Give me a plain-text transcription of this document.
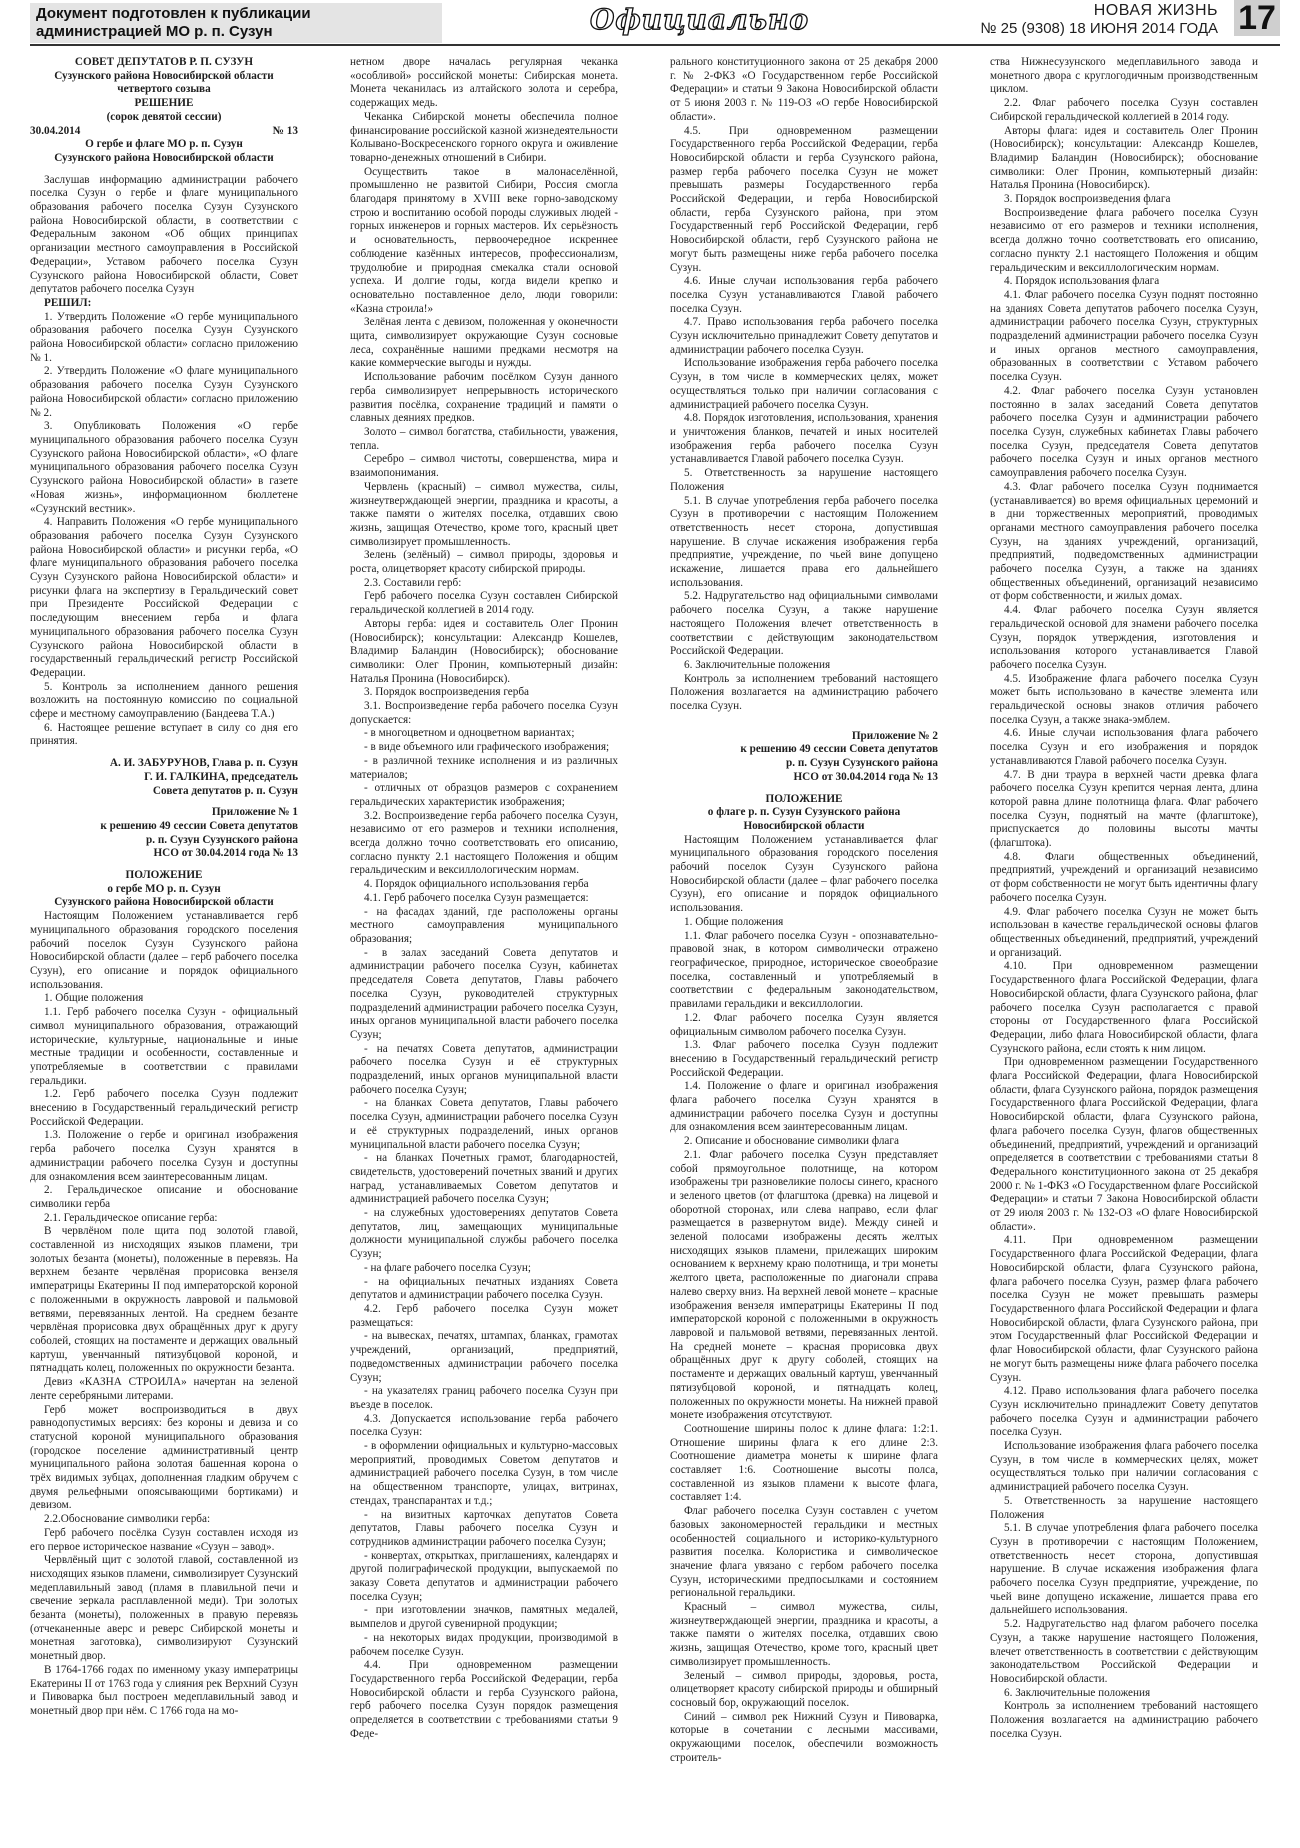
Документ подготовлен к публикации администрацией МО р. п. Сузун	Официально	НОВАЯ ЖИЗНЬ
№ 25 (9308) 18 ИЮНЯ 2014 ГОДА 17

СОВЕТ ДЕПУТАТОВ Р. П. СУЗУН

Сузунского района Новосибирской области

четвертого созыва

РЕШЕНИЕ

(сорок девятой сессии)

30.04.2014	№ 13

О гербе и флаге МО р. п. Сузун

Сузунского района Новосибирской области

Заслушав информацию администрации рабочего поселка Сузун о гербе и флаге муниципального образования рабочего поселка Сузун Сузунского района Новосибирской области, в соответствии с Федеральным законом «Об общих принципах организации местного самоуправления в Российской Федерации», Уставом рабочего поселка Сузун Сузунского района Новосибирской области, Совет депутатов рабочего поселка Сузун

РЕШИЛ:

1. Утвердить Положение «О гербе муниципального образования рабочего поселка Сузун Сузунского района Новосибирской области» согласно приложению № 1.

2. Утвердить Положение «О флаге муниципального образования рабочего поселка Сузун Сузунского района Новосибирской области» согласно приложению № 2.

3. Опубликовать Положения «О гербе муниципального образования рабочего поселка Сузун Сузунского района Новосибирской области», «О флаге муниципального образования рабочего поселка Сузун Сузунского района Новосибирской области» в газете «Новая жизнь», информационном бюллетене «Сузунский вестник».

4. Направить Положения «О гербе муниципального образования рабочего поселка Сузун Сузунского района Новосибирской области» и рисунки герба, «О флаге муниципального образования рабочего поселка Сузун Сузунского района Новосибирской области» и рисунки флага на экспертизу в Геральдический совет при Президенте Российской Федерации с последующим внесением герба и флага муниципального образования рабочего поселка Сузун Сузунского района Новосибирской области в государственный геральдический регистр Российской Федерации.

5. Контроль за исполнением данного решения возложить на постоянную комиссию по социальной сфере и местному самоуправлению (Бандеева Т.А.)

6. Настоящее решение вступает в силу со дня его принятия.

А. И. ЗАБУРУНОВ, Глава р. п. Сузун

Г. И. ГАЛКИНА, председатель

Совета депутатов р. п. Сузун

Приложение № 1

к решению 49 сессии Совета депутатов

р. п. Сузун Сузунского района

НСО от 30.04.2014 года № 13

ПОЛОЖЕНИЕ

о гербе МО р. п. Сузун

Сузунского района Новосибирской области

Настоящим Положением устанавливается герб муниципального образования городского поселения рабочий поселок Сузун Сузунского района Новосибирской области (далее – герб рабочего поселка Сузун), его описание и порядок официального использования.

1. Общие положения

1.1. Герб рабочего поселка Сузун - официальный символ муниципального образования, отражающий исторические, культурные, национальные и иные местные традиции и особенности, составленные и употребляемые в соответствии с правилами геральдики.

1.2. Герб рабочего поселка Сузун подлежит внесению в Государственный геральдический регистр Российской Федерации.

1.3. Положение о гербе и оригинал изображения герба рабочего поселка Сузун хранятся в администрации рабочего поселка Сузун и доступны для ознакомления всем заинтересованным лицам.

2. Геральдическое описание и обоснование символики герба

2.1. Геральдическое описание герба:

В червлёном поле щита под золотой главой, составленной из нисходящих языков пламени, три золотых безанта (монеты), положенные в перевязь. На верхнем безанте червлёная прорисовка вензеля императрицы Екатерины II под императорской короной с положенными в окружность лавровой и пальмовой ветвями, перевязанных лентой. На среднем безанте червлёная прорисовка двух обращённых друг к другу соболей, стоящих на постаменте и держащих овальный картуш, увенчанный пятизубцовой короной, и пятнадцать колец, положенных по окружности безанта.

Девиз «КАЗНА СТРОИЛА» начертан на зеленой ленте серебряными литерами.

Герб может воспроизводиться в двух равнодопустимых версиях: без короны и девиза и со статусной короной муниципального образования (городское поселение административный центр муниципального района золотая башенная корона о трёх видимых зубцах, дополненная гладким обручем с двумя рельефными опоясывающими бортиками) и девизом.

2.2.Обоснование символики герба:

Герб рабочего посёлка Сузун составлен исходя из его первое историческое название «Сузун – завод».

Червлёный щит с золотой главой, составленной из нисходящих языков пламени, символизирует Сузунский медеплавильный завод (пламя в плавильной печи и свечение зеркала расплавленной меди). Три золотых безанта (монеты), положенных в правую перевязь (отчеканенные аверс и реверс Сибирской монеты и монетная заготовка), символизируют Сузунский монетный двор.

В 1764-1766 годах по именному указу императрицы Екатерины II от 1763 года у слияния рек Верхний Сузун и Пивоварка был построен медеплавильный завод и монетный двор при нём. С 1766 года на мо-

нетном дворе началась регулярная чеканка «особливой» российской монеты: Сибирская монета. Монета чеканилась из алтайского золота и серебра, содержащих медь.

Чеканка Сибирской монеты обеспечила полное финансирование российской казной жизнедеятельности Колывано-Воскресенского горного округа и оживление товарно-денежных отношений в Сибири.

Осуществить такое в малонаселённой, промышленно не развитой Сибири, Россия смогла благодаря принятому в XVIII веке горно-заводскому строю и воспитанию особой породы служивых людей - горных инженеров и горных мастеров. Их серьёзность и основательность, первоочередное искреннее соблюдение казённых интересов, профессионализм, трудолюбие и природная смекалка стали основой успеха. И долгие годы, когда видели крепко и основательно поставленное дело, люди говорили: «Казна строила!»

Зелёная лента с девизом, положенная у оконечности щита, символизирует окружающие Сузун сосновые леса, сохранённые нашими предками несмотря на какие коммерческие выгоды и нужды.

Использование рабочим посёлком Сузун данного герба символизирует непрерывность исторического развития посёлка, сохранение традиций и памяти о славных деяниях предков.

Золото – символ богатства, стабильности, уважения, тепла.

Серебро – символ чистоты, совершенства, мира и взаимопонимания.

Червлень (красный) – символ мужества, силы, жизнеутверждающей энергии, праздника и красоты, а также памяти о жителях поселка, отдавших свою жизнь, защищая Отечество, кроме того, красный цвет символизирует промышленность.

Зелень (зелёный) – символ природы, здоровья и роста, олицетворяет красоту сибирской природы.

2.3. Составили герб:

Герб рабочего поселка Сузун составлен Сибирской геральдической коллегией в 2014 году.

Авторы герба: идея и составитель Олег Пронин (Новосибирск); консультации: Александр Кошелев, Владимир Баландин (Новосибирск); обоснование символики: Олег Пронин, компьютерный дизайн: Наталья Пронина (Новосибирск).

3. Порядок воспроизведения герба

3.1. Воспроизведение герба рабочего поселка Сузун допускается:

- в многоцветном и одноцветном вариантах;

- в виде объемного или графического изображения;

- в различной технике исполнения и из различных материалов;

- отличных от образцов размеров с сохранением геральдических характеристик изображения;

3.2. Воспроизведение герба рабочего поселка Сузун, независимо от его размеров и техники исполнения, всегда должно точно соответствовать его описанию, согласно пункту 2.1 настоящего Положения и общим геральдическим и вексиллологическим нормам.

4. Порядок официального использования герба

4.1. Герб рабочего поселка Сузун размещается:

- на фасадах зданий, где расположены органы местного самоуправления муниципального образования;

- в залах заседаний Совета депутатов и администрации рабочего поселка Сузун, кабинетах председателя Совета депутатов, Главы рабочего поселка Сузун, руководителей структурных подразделений администрации рабочего поселка Сузун, иных органов муниципальной власти рабочего поселка Сузун;

- на печатях Совета депутатов, администрации рабочего поселка Сузун и её структурных подразделений, иных органов муниципальной власти рабочего поселка Сузун;

- на бланках Совета депутатов, Главы рабочего поселка Сузун, администрации рабочего поселка Сузун и её структурных подразделений, иных органов муниципальной власти рабочего поселка Сузун;

- на бланках Почетных грамот, благодарностей, свидетельств, удостоверений почетных званий и других наград, устанавливаемых Советом депутатов и администрацией рабочего поселка Сузун;

- на служебных удостоверениях депутатов Совета депутатов, лиц, замещающих муниципальные должности муниципальной службы рабочего поселка Сузун;

- на флаге рабочего поселка Сузун;

- на официальных печатных изданиях Совета депутатов и администрации рабочего поселка Сузун.

4.2. Герб рабочего поселка Сузун может размещаться:

- на вывесках, печатях, штампах, бланках, грамотах учреждений, организаций, предприятий, подведомственных администрации рабочего поселка Сузун;

- на указателях границ рабочего поселка Сузун при въезде в поселок.

4.3. Допускается использование герба рабочего поселка Сузун:

- в оформлении официальных и культурно-массовых мероприятий, проводимых Советом депутатов и администрацией рабочего поселка Сузун, в том числе на общественном транспорте, улицах, витринах, стендах, транспарантах и т.д.;

- на визитных карточках депутатов Совета депутатов, Главы рабочего поселка Сузун и сотрудников администрации рабочего поселка Сузун;

- конвертах, открытках, приглашениях, календарях и другой полиграфической продукции, выпускаемой по заказу Совета депутатов и администрации рабочего поселка Сузун;

- при изготовлении значков, памятных медалей, вымпелов и другой сувенирной продукции;

- на некоторых видах продукции, производимой в рабочем поселке Сузун.

4.4. При одновременном размещении Государственного герба Российской Федерации, герба Новосибирской области и герба Сузунского района, герб рабочего поселка Сузун порядок размещения определяется в соответствии с требованиями статьи 9 Феде-

рального конституционного закона от 25 декабря 2000 г. № 2-ФКЗ «О Государственном гербе Российской Федерации» и статьи 9 Закона Новосибирской области от 5 июня 2003 г. № 119-ОЗ «О гербе Новосибирской области».

4.5. При одновременном размещении Государственного герба Российской Федерации, герба Новосибирской области и герба Сузунского района, размер герба рабочего поселка Сузун не может превышать размеры Государственного герба Российской Федерации, и герба Новосибирской области, герба Сузунского района, при этом Государственный герб Российской Федерации, герб Новосибирской области, герб Сузунского района не могут быть размещены ниже герба рабочего поселка Сузун.

4.6. Иные случаи использования герба рабочего поселка Сузун устанавливаются Главой рабочего поселка Сузун.

4.7. Право использования герба рабочего поселка Сузун исключительно принадлежит Совету депутатов и администрации рабочего поселка Сузун.

Использование изображения герба рабочего поселка Сузун, в том числе в коммерческих целях, может осуществляться только при наличии согласования с администрацией рабочего поселка Сузун.

4.8. Порядок изготовления, использования, хранения и уничтожения бланков, печатей и иных носителей изображения герба рабочего поселка Сузун устанавливается Главой рабочего поселка Сузун.

5. Ответственность за нарушение настоящего Положения

5.1. В случае употребления герба рабочего поселка Сузун в противоречии с настоящим Положением ответственность несет сторона, допустившая нарушение. В случае искажения изображения герба предприятие, учреждение, по чьей вине допущено искажение, лишается права его дальнейшего использования.

5.2. Надругательство над официальными символами рабочего поселка Сузун, а также нарушение настоящего Положения влечет ответственность в соответствии с действующим законодательством Российской Федерации.

6. Заключительные положения

Контроль за исполнением требований настоящего Положения возлагается на администрацию рабочего поселка Сузун.

Приложение № 2

к решению 49 сессии Совета депутатов

р. п. Сузун Сузунского района

НСО от 30.04.2014 года № 13

ПОЛОЖЕНИЕ

о флаге р. п. Сузун Сузунского района

Новосибирской области

Настоящим Положением устанавливается флаг муниципального образования городского поселения рабочий поселок Сузун Сузунского района Новосибирской области (далее – флаг рабочего поселка Сузун), его описание и порядок официального использования.

1. Общие положения

1.1. Флаг рабочего поселка Сузун - опознавательно-правовой знак, в котором символически отражено географическое, природное, историческое своеобразие поселка, составленный и употребляемый в соответствии с федеральным законодательством, правилами геральдики и вексиллологии.

1.2. Флаг рабочего поселка Сузун является официальным символом рабочего поселка Сузун.

1.3. Флаг рабочего поселка Сузун подлежит внесению в Государственный геральдический регистр Российской Федерации.

1.4. Положение о флаге и оригинал изображения флага рабочего поселка Сузун хранятся в администрации рабочего поселка Сузун и доступны для ознакомления всем заинтересованным лицам.

2. Описание и обоснование символики флага

2.1. Флаг рабочего поселка Сузун представляет собой прямоугольное полотнище, на котором изображены три разновеликие полосы синего, красного и зеленого цветов (от флагштока (древка) на лицевой и оборотной сторонах, или слева направо, если флаг размещается в развернутом виде). Между синей и зеленой полосами изображены десять желтых нисходящих языков пламени, прилежащих широким основанием к верхнему краю полотнища, и три монеты желтого цвета, расположенные по диагонали справа налево сверху вниз. На верхней левой монете – красные изображения вензеля императрицы Екатерины II под императорской короной с положенными в окружность лавровой и пальмовой ветвями, перевязанных лентой. На средней монете – красная прорисовка двух обращённых друг к другу соболей, стоящих на постаменте и держащих овальный картуш, увенчанный пятизубцовой короной, и пятнадцать колец, положенных по окружности монеты. На нижней правой монете изображения отсутствуют.

Соотношение ширины полос к длине флага: 1:2:1. Отношение ширины флага к его длине 2:3. Соотношение диаметра монеты к ширине флага составляет 1:6. Соотношение высоты полса, составленной из языков пламени к высоте флага, составляет 1:4.

Флаг рабочего поселка Сузун составлен с учетом базовых закономерностей геральдики и местных особенностей социального и историко-культурного развития поселка. Колористика и символическое значение флага увязано с гербом рабочего поселка Сузун, историческими предпосылками и состоянием региональной геральдики.

Красный – символ мужества, силы, жизнеутверждающей энергии, праздника и красоты, а также памяти о жителях поселка, отдавших свою жизнь, защищая Отечество, кроме того, красный цвет символизирует промышленность.

Зеленый – символ природы, здоровья, роста, олицетворяет красоту сибирской природы и обширный сосновый бор, окружающий поселок.

Синий – символ рек Нижний Сузун и Пивоварка, которые в сочетании с лесными массивами, окружающими поселок, обеспечили возможность строитель-

ства Нижнесузунского медеплавильного завода и монетного двора с круглогодичным производственным циклом.

2.2. Флаг рабочего поселка Сузун составлен Сибирской геральдической коллегией в 2014 году.

Авторы флага: идея и составитель Олег Пронин (Новосибирск); консультации: Александр Кошелев, Владимир Баландин (Новосибирск); обоснование символики: Олег Пронин, компьютерный дизайн: Наталья Пронина (Новосибирск).

3. Порядок воспроизведения флага

Воспроизведение флага рабочего поселка Сузун независимо от его размеров и техники исполнения, всегда должно точно соответствовать его описанию, согласно пункту 2.1 настоящего Положения и общим геральдическим и вексиллологическим нормам.

4. Порядок использования флага

4.1. Флаг рабочего поселка Сузун поднят постоянно на зданиях Совета депутатов рабочего поселка Сузун, администрации рабочего поселка Сузун, структурных подразделений администрации рабочего поселка Сузун и иных органов местного самоуправления, образованных в соответствии с Уставом рабочего поселка Сузун.

4.2. Флаг рабочего поселка Сузун установлен постоянно в залах заседаний Совета депутатов рабочего поселка Сузун и администрации рабочего поселка Сузун, служебных кабинетах Главы рабочего поселка Сузун, председателя Совета депутатов рабочего поселка Сузун и иных органов местного самоуправления рабочего поселка Сузун.

4.3. Флаг рабочего поселка Сузун поднимается (устанавливается) во время официальных церемоний и в дни торжественных мероприятий, проводимых органами местного самоуправления рабочего поселка Сузун, на зданиях учреждений, организаций, предприятий, подведомственных администрации рабочего поселка Сузун, а также на зданиях общественных объединений, организаций независимо от форм собственности, и жилых домах.

4.4. Флаг рабочего поселка Сузун является геральдической основой для знамени рабочего поселка Сузун, порядок утверждения, изготовления и использования которого устанавливается Главой рабочего поселка Сузун.

4.5. Изображение флага рабочего поселка Сузун может быть использовано в качестве элемента или геральдической основы знаков отличия рабочего поселка Сузун, а также знака-эмблем.

4.6. Иные случаи использования флага рабочего поселка Сузун и его изображения и порядок устанавливаются Главой рабочего поселка Сузун.

4.7. В дни траура в верхней части древка флага рабочего поселка Сузун крепится черная лента, длина которой равна длине полотнища флага. Флаг рабочего поселка Сузун, поднятый на мачте (флагштоке), приспускается до половины высоты мачты (флагштока).

4.8. Флаги общественных объединений, предприятий, учреждений и организаций независимо от форм собственности не могут быть идентичны флагу рабочего поселка Сузун.

4.9. Флаг рабочего поселка Сузун не может быть использован в качестве геральдической основы флагов общественных объединений, предприятий, учреждений и организаций.

4.10. При одновременном размещении Государственного флага Российской Федерации, флага Новосибирской области, флага Сузунского района, флаг рабочего поселка Сузун располагается с правой стороны от Государственного флага Российской Федерации, либо флага Новосибирской области, флага Сузунского района, если стоять к ним лицом.

При одновременном размещении Государственного флага Российской Федерации, флага Новосибирской области, флага Сузунского района, порядок размещения Государственного флага Российской Федерации, флага Новосибирской области, флага Сузунского района, флага рабочего поселка Сузун, флагов общественных объединений, предприятий, учреждений и организаций определяется в соответствии с требованиями статьи 8 Федерального конституционного закона от 25 декабря 2000 г. № 1-ФКЗ «О Государственном флаге Российской Федерации» и статьи 7 Закона Новосибирской области от 29 июля 2003 г. № 132-ОЗ «О флаге Новосибирской области».

4.11. При одновременном размещении Государственного флага Российской Федерации, флага Новосибирской области, флага Сузунского района, флага рабочего поселка Сузун, размер флага рабочего поселка Сузун не может превышать размеры Государственного флага Российской Федерации и флага Новосибирской области, флага Сузунского района, при этом Государственный флаг Российской Федерации и флаг Новосибирской области, флаг Сузунского района не могут быть размещены ниже флага рабочего поселка Сузун.

4.12. Право использования флага рабочего поселка Сузун исключительно принадлежит Совету депутатов рабочего поселка Сузун и администрации рабочего поселка Сузун.

Использование изображения флага рабочего поселка Сузун, в том числе в коммерческих целях, может осуществляться только при наличии согласования с администрацией рабочего поселка Сузун.

5. Ответственность за нарушение настоящего Положения

5.1. В случае употребления флага рабочего поселка Сузун в противоречии с настоящим Положением, ответственность несет сторона, допустившая нарушение. В случае искажения изображения флага рабочего поселка Сузун предприятие, учреждение, по чьей вине допущено искажение, лишается права его дальнейшего использования.

5.2. Надругательство над флагом рабочего поселка Сузун, а также нарушение настоящего Положения, влечет ответственность в соответствии с действующим законодательством Российской Федерации и Новосибирской области.

6. Заключительные положения

Контроль за исполнением требований настоящего Положения возлагается на администрацию рабочего поселка Сузун.
